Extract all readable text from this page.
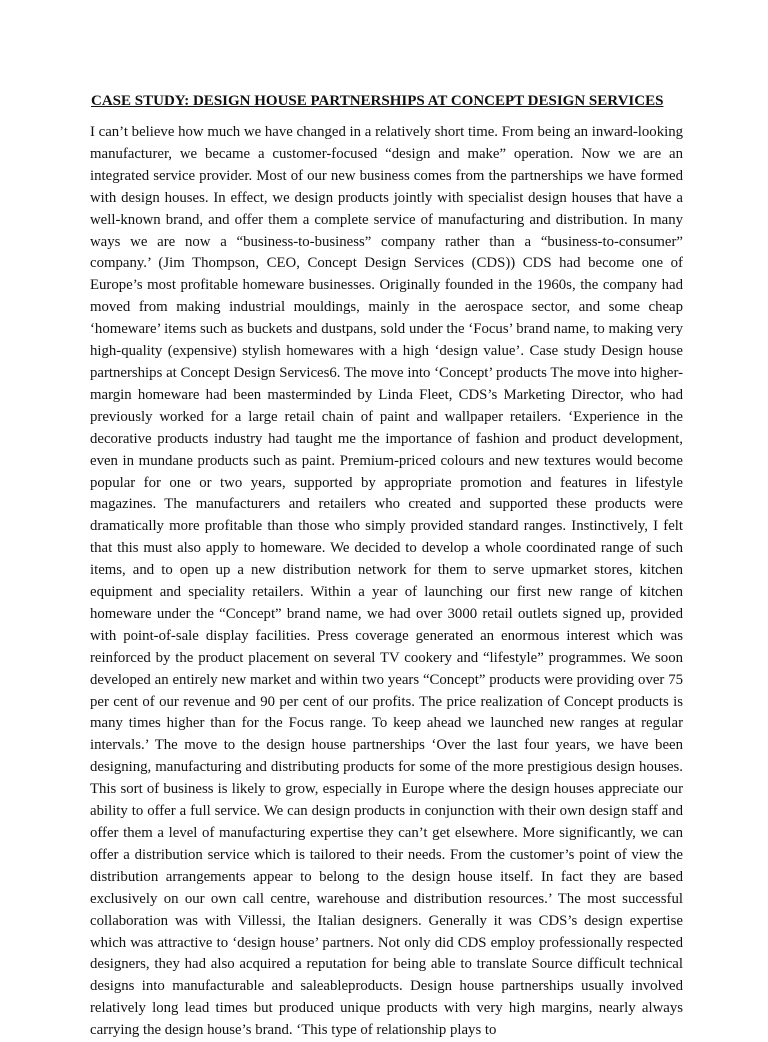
CASE STUDY: DESIGN HOUSE PARTNERSHIPS AT CONCEPT DESIGN SERVICES

I can’t believe how much we have changed in a relatively short time. From being an inward-looking manufacturer, we became a customer-focused “design and make” operation. Now we are an integrated service provider. Most of our new business comes from the partnerships we have formed with design houses. In effect, we design products jointly with specialist design houses that have a well-known brand, and offer them a complete service of manufacturing and distribution. In many ways we are now a “business-to-business” company rather than a “business-to-consumer” company.’ (Jim Thompson, CEO, Concept Design Services (CDS)) CDS had become one of Europe’s most profitable homeware businesses. Originally founded in the 1960s, the company had moved from making industrial mouldings, mainly in the aerospace sector, and some cheap ‘homeware’ items such as buckets and dustpans, sold under the ‘Focus’ brand name, to making very high-quality (expensive) stylish homewares with a high ‘design value’. Case study Design house partnerships at Concept Design Services6. The move into ‘Concept’ products The move into higher-margin homeware had been masterminded by Linda Fleet, CDS’s Marketing Director, who had previously worked for a large retail chain of paint and wallpaper retailers. ‘Experience in the decorative products industry had taught me the importance of fashion and product development, even in mundane products such as paint. Premium-priced colours and new textures would become popular for one or two years, supported by appropriate promotion and features in lifestyle magazines. The manufacturers and retailers who created and supported these products were dramatically more profitable than those who simply provided standard ranges. Instinctively, I felt that this must also apply to homeware. We decided to develop a whole coordinated range of such items, and to open up a new distribution network for them to serve upmarket stores, kitchen equipment and speciality retailers. Within a year of launching our first new range of kitchen homeware under the “Concept” brand name, we had over 3000 retail outlets signed up, provided with point-of-sale display facilities. Press coverage generated an enormous interest which was reinforced by the product placement on several TV cookery and “lifestyle” programmes. We soon developed an entirely new market and within two years “Concept” products were providing over 75 per cent of our revenue and 90 per cent of our profits. The price realization of Concept products is many times higher than for the Focus range. To keep ahead we launched new ranges at regular intervals.’ The move to the design house partnerships ‘Over the last four years, we have been designing, manufacturing and distributing products for some of the more prestigious design houses. This sort of business is likely to grow, especially in Europe where the design houses appreciate our ability to offer a full service. We can design products in conjunction with their own design staff and offer them a level of manufacturing expertise they can’t get elsewhere. More significantly, we can offer a distribution service which is tailored to their needs. From the customer’s point of view the distribution arrangements appear to belong to the design house itself. In fact they are based exclusively on our own call centre, warehouse and distribution resources.’ The most successful collaboration was with Villessi, the Italian designers. Generally it was CDS’s design expertise which was attractive to ‘design house’ partners. Not only did CDS employ professionally respected designers, they had also acquired a reputation for being able to translate Source difficult technical designs into manufacturable and saleableproducts. Design house partnerships usually involved relatively long lead times but produced unique products with very high margins, nearly always carrying the design house’s brand. ‘This type of relationship plays to
